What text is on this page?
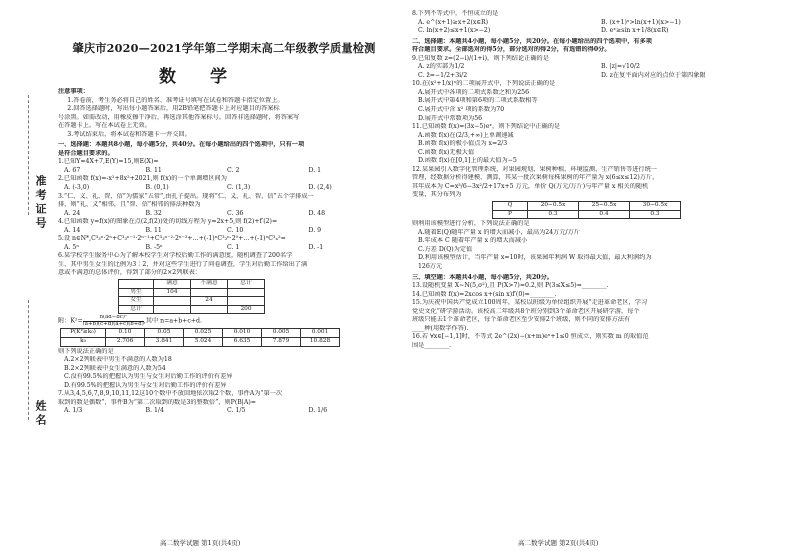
准考证号
姓名
肇庆市2020—2021学年第二学期末高二年级教学质量检测
数 学
注意事项：
1.答卷前，考生务必将自己的姓名、准考证号填写在试卷和答题卡指定位置上。
2.回答选择题时，写出每小题答案后，用2B铅笔把答题卡上对应题目的答案标
号涂黑。如需改动，用橡皮擦干净后，再选涂其他答案标号。回答非选择题时，将答案写
在答题卡上。写在本试卷上无效。
3.考试结束后，将本试卷和答题卡一并交回。
一、选择题：本题共8小题，每小题5分，共40分。在每小题给出的四个选项中，只有一项
是符合题目要求的。
1.已知Y=4X+7,E(Y)=15,则E(X)=
A. 67	B. 11	C. 2	D. 1
2.已知函数 f(x)=-x²+8x²+2021,则 f(x)的一个单调增区间为
A. (-3,0)	B. (0,1)	C. (1,3)	D. (2,4)
3.“仁、义、礼、智、信”为儒家“五常”,由孔子提出。现将“仁、义、礼、智、信”五个字排成一
排，则“礼、义”相邻，且“智、信”相邻的排法种数为
A. 24	B. 32	C. 36	D. 48
4.已知函数 y=f(x)的图象在点(2,f(2))处的切线方程为 y=2x+5,则 f(2)+f′(2)=
A. 14	B. 11	C. 10	D. 9
5.设 n∈N*,C³₃ⁿ·2ⁿ+C³₃ⁿ⁻¹·2ⁿ⁻¹+C³₃ⁿ⁻²·2ⁿ⁻²+…+(-1)ⁿC³₃ⁿ·2⁰+…+(-1)ⁿC³ₙ²=
A. 5ⁿ	B. -5ⁿ	C. 1	D. -1
6.某学校学生服务中心为了解本校学生对学校后勤工作的满意度，随机调查了200名学
生，其中男生女生的比例为3∶2，并对这些学生进行了问卷调查，学生对后勤工作给出了满
意或不满意的总体评价，得到了部分的2×2列联表：
	满意	不满意	总计
男生	104		
女生		24	
总计			200
附：$K^2= \frac{\text{n(ad−bc)²}}{(a+b)(c+d)(a+c)(b+d)}$ ,其中 n=a+b+c+d.
P(K²≥k₀)	0.10	0.05	0.025	0.010	0.005	0.001
k₀	2.706	3.841	5.024	6.635	7.879	10.828
则下列说法正确的是
A.2×2列联表中男生不满意的人数为18
B.2×2列联表中女生满意的人数为54
C.没有99.5%的把握认为男生与女生对后勤工作的评价有差异
D.有99.5%的把握认为男生与女生对后勤工作的评价有差异
7.从3,4,5,6,7,8,9,10,11,12这10个数中不放回地依次取2个数，事件A为“第一次
取到的数是偶数”，事件B为“第二次取到的数是3的整数倍”，则P(B|A)=
A. 1/3	B. 1/4	C. 1/5	D. 1/6
高二数学试题 第1页(共4页)
8.下列不等式中，不恒成立的是
A. e^(x+1)≥x+2(x∈R)	B. (x+1)ˣ>ln(x+1)(x>−1)
C. ln(x+2)≤x+1(x>−2)	D. eˣ≥sin x+1/8(x∈R)
二、选择题：本题共4小题，每小题5分，共20分。在每小题给出的四个选项中，有多项
符合题目要求。全部选对的得5分，部分选对的得2分，有选错的得0分。
9.已知复数 z=(2−i)/(1+i)，则下列结论正确的是
A. z的实部为1/2	B. |z|=√10/2
C. z̄=−1/2+3i/2	D. z在复平面内对应的点位于第四象限
10.在(x²+1/x)ⁿ的二项展开式中，下列说法正确的是
A.展开式中各项的二项式系数之和为256
B.展开式中第4项和第6项的二项式系数相等
C.展开式中含 x² 项的系数为70
D.展开式中常数项为56
11.已知函数 f(x)=(3x−5)eˣ，则下列结论中正确的是
A.函数 f(x)在(2/3,+∞)上单调递减
B.函数 f(x)的极小值点为 x=2/3
C.函数 f(x)无极大值
D.函数 f(x)在[0,1]上的最大值为−5
12.某果园引入数字化管理系统，对果园规划、果树种植、环境监测、生产销售等进行统一
管理，经数据分析得建模、测算，其某一批次果树每株果树的年产量为 x(6≤x≤12)万斤，
其年成本为 C=x³/6−3x²/2+17x+5 万元，单价 Q(万元/万斤)与年产量 x 相关的随机
变量，其分布列为
Q	20−0.5x	25−0.5x	30−0.5x
P	0.3	0.4	0.3
则利用该模型进行分析，下列说法正确的是
A.随着E(Q)随年产量 x 的增大而减小，最高为24万元/万斤
B.年成本 C 随着年产量 x 的增大而减小
C.方差 D(Q)为定值
D.利用该模型估计，当年产量 x=10时，该果园年利润 W 取得最大值，最大利润约为
126万元
三、填空题：本题共4小题，每小题5分，共20分。
13.设随机变量 X~N(5,σ²),且 P(X>7)=0.2,则 P(3≤X≤5)=________.
14.已知函数 f(x)=2xcos x+(sin x)f′(0)=________.
15.为庆祝中国共产党成立100周年，某校以班级为单位组织开展“走进革命老区，学习
党史文化”研学游活动。该校高二年级共8个班分别到3个革命老区开展研学游，每个
班级只能去1个革命老区，每个革命老区至少安排2个班级，则不同的安排方法有
____种(用数字作答).
16.若 ∀x∈[−1,1]时，不等式 2e^(2x)−(x+m)eˣ+1≤0 恒成立，则实数 m 的取值范
围是________.
高二数学试题 第2页(共4页)
